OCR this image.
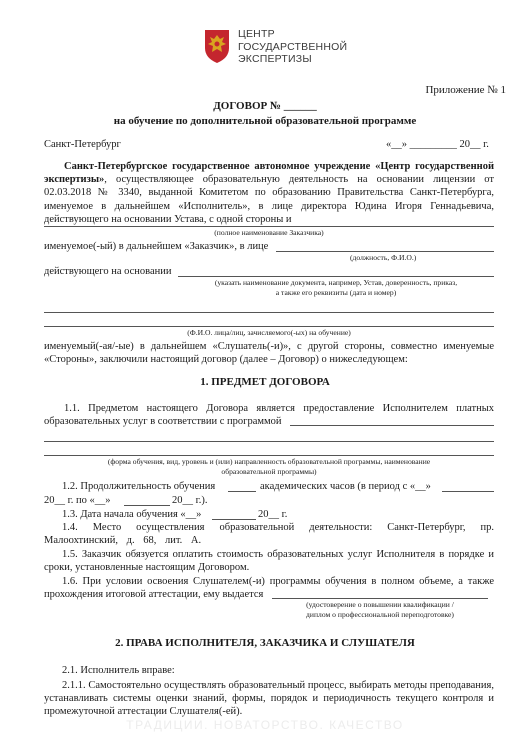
ЦЕНТР
ГОСУДАРСТВЕННОЙ
ЭКСПЕРТИЗЫ
Приложение № 1
ДОГОВОР № ______
на обучение по дополнительной образовательной программе
Санкт-Петербург	«__» _________ 20__ г.
Санкт-Петербургское государственное автономное учреждение «Центр государственной экспертизы», осуществляющее образовательную деятельность на основании лицензии от 02.03.2018 № 3340, выданной Комитетом по образованию Правительства Санкт-Петербурга, именуемое в дальнейшем «Исполнитель», в лице директора Юдина Игоря Геннадьевича, действующего на основании Устава, с одной стороны и
(полное наименование Заказчика)
именуемое(-ый) в дальнейшем «Заказчик», в лице
(должность, Ф.И.О.)
действующего на основании
(указать наименование документа, например, Устав, доверенность, приказ,
а также его реквизиты (дата и номер)
(Ф.И.О. лица/лиц, зачисляемого(-ых) на обучение)
именуемый(-ая/-ые) в дальнейшем «Слушатель(-и)», с другой стороны, совместно именуемые «Стороны», заключили настоящий договор (далее – Договор) о нижеследующем:
1. ПРЕДМЕТ ДОГОВОРА
1.1. Предметом настоящего Договора является предоставление Исполнителем платных образовательных услуг в соответствии с программой
(форма обучения, вид, уровень и (или) направленность образовательной программы, наименование
образовательной программы)
1.2. Продолжительность обучения	академических часов (в период с «__»
20__ г. по «__»	20__ г.).
1.3. Дата начала обучения «__»	20__ г.
1.4. Место осуществления образовательной деятельности: Санкт-Петербург, пр. Малоохтинский, д. 68, лит. А.
1.5. Заказчик обязуется оплатить стоимость образовательных услуг Исполнителя в порядке и сроки, установленные настоящим Договором.
1.6. При условии освоения Слушателем(-и) программы обучения в полном объеме, а также прохождения итоговой аттестации, ему выдается
(удостоверение о повышении квалификации /
диплом о профессиональной переподготовке)
2. ПРАВА ИСПОЛНИТЕЛЯ, ЗАКАЗЧИКА И СЛУШАТЕЛЯ
2.1. Исполнитель вправе:
2.1.1. Самостоятельно осуществлять образовательный процесс, выбирать методы преподавания, устанавливать системы оценки знаний, формы, порядок и периодичность текущего контроля и промежуточной аттестации Слушателя(-ей).
ТРАДИЦИИ. НОВАТОРСТВО. КАЧЕСТВО
